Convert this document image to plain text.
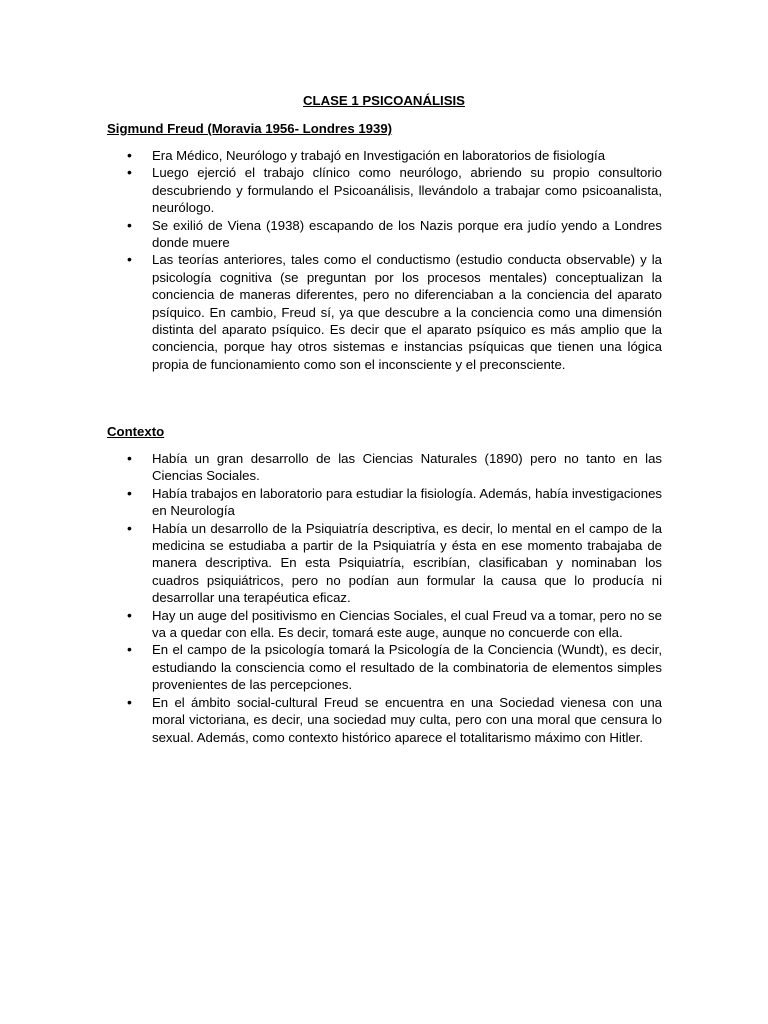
CLASE 1 PSICOANÁLISIS
Sigmund Freud (Moravia 1956- Londres 1939)
• Era Médico, Neurólogo y trabajó en Investigación en laboratorios de fisiología
• Luego ejerció el trabajo clínico como neurólogo, abriendo su propio consultorio descubriendo y formulando el Psicoanálisis, llevándolo a trabajar como psicoanalista, neurólogo.
• Se exilió de Viena (1938) escapando de los Nazis porque era judío yendo a Londres donde muere
• Las teorías anteriores, tales como el conductismo (estudio conducta observable) y la psicología cognitiva (se preguntan por los procesos mentales) conceptualizan la conciencia de maneras diferentes, pero no diferenciaban a la conciencia del aparato psíquico. En cambio, Freud sí, ya que descubre a la conciencia como una dimensión distinta del aparato psíquico. Es decir que el aparato psíquico es más amplio que la conciencia, porque hay otros sistemas e instancias psíquicas que tienen una lógica propia de funcionamiento como son el inconsciente y el preconsciente.
Contexto
• Había un gran desarrollo de las Ciencias Naturales (1890) pero no tanto en las Ciencias Sociales.
• Había trabajos en laboratorio para estudiar la fisiología. Además, había investigaciones en Neurología
• Había un desarrollo de la Psiquiatría descriptiva, es decir, lo mental en el campo de la medicina se estudiaba a partir de la Psiquiatría y ésta en ese momento trabajaba de manera descriptiva. En esta Psiquiatría, escribían, clasificaban y nominaban los cuadros psiquiátricos, pero no podían aun formular la causa que lo producía ni desarrollar una terapéutica eficaz.
• Hay un auge del positivismo en Ciencias Sociales, el cual Freud va a tomar, pero no se va a quedar con ella. Es decir, tomará este auge, aunque no concuerde con ella.
• En el campo de la psicología tomará la Psicología de la Conciencia (Wundt), es decir, estudiando la consciencia como el resultado de la combinatoria de elementos simples provenientes de las percepciones.
• En el ámbito social-cultural Freud se encuentra en una Sociedad vienesa con una moral victoriana, es decir, una sociedad muy culta, pero con una moral que censura lo sexual. Además, como contexto histórico aparece el totalitarismo máximo con Hitler.
